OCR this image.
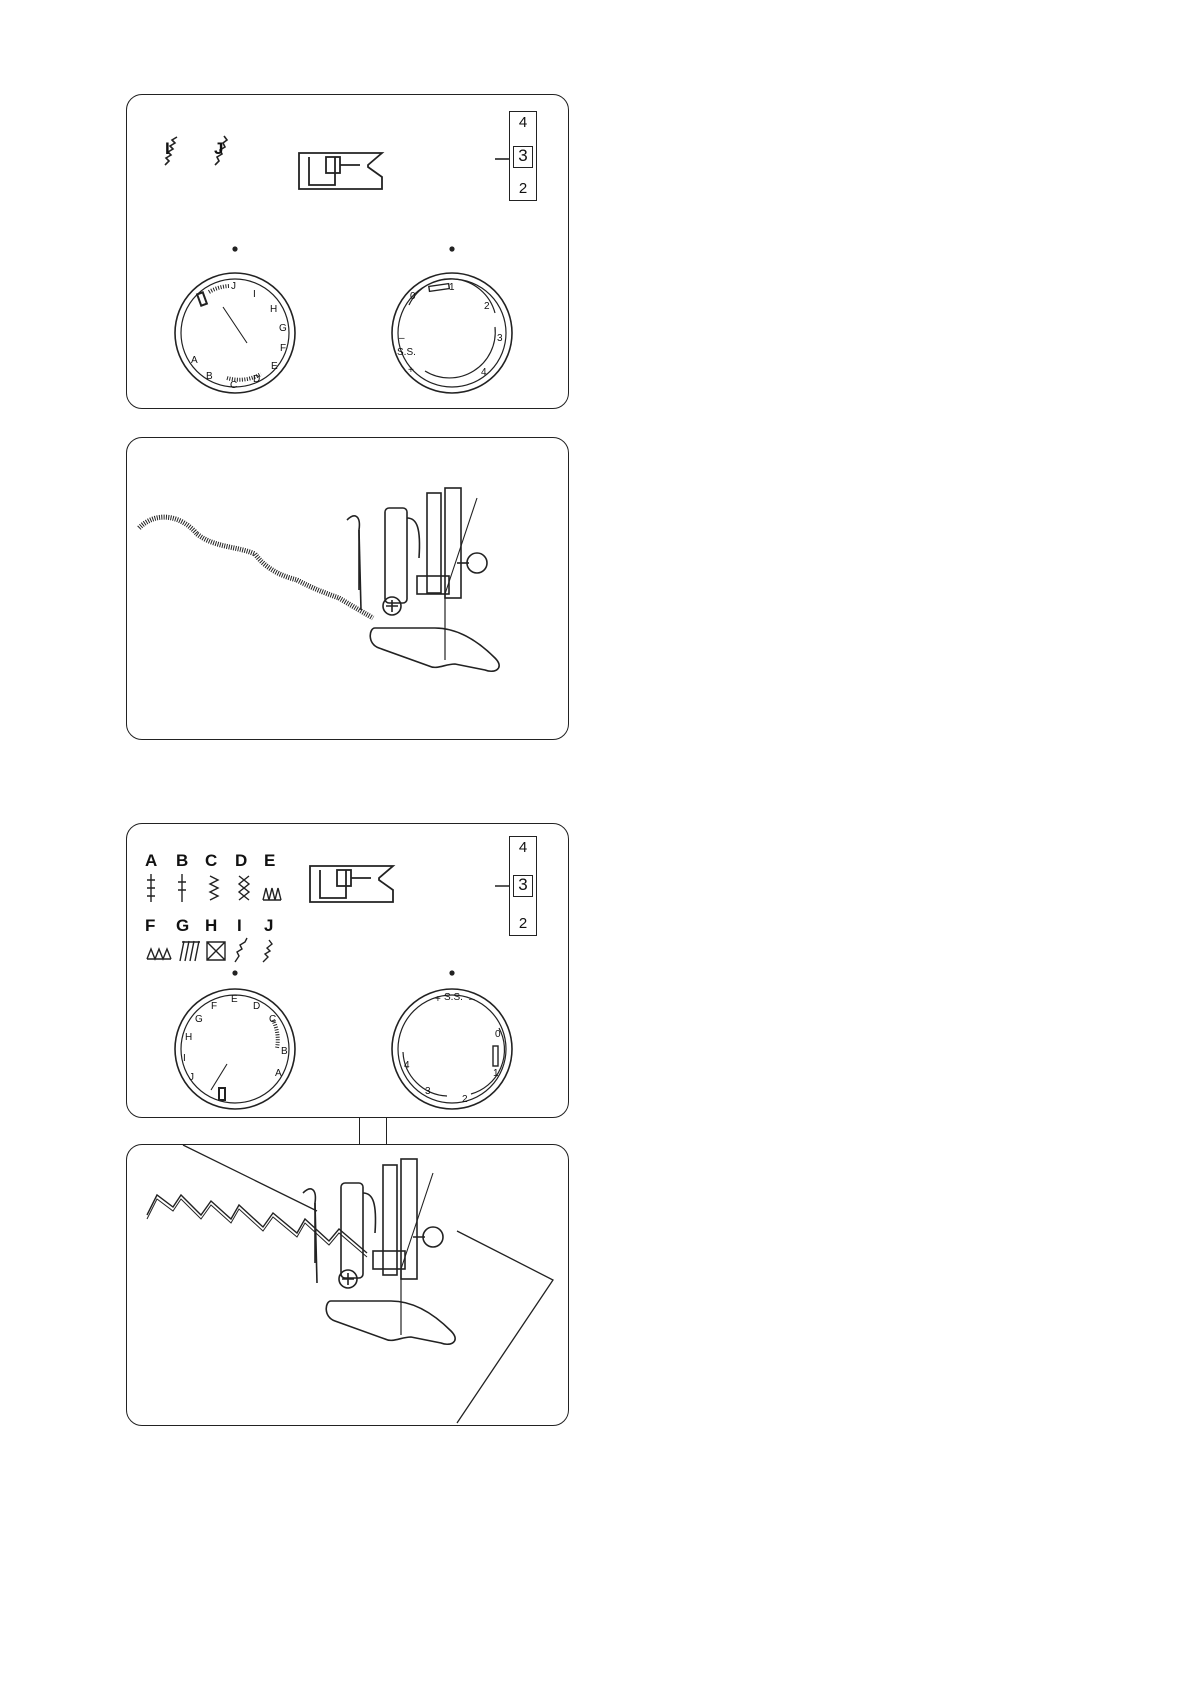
I	J
4
3
2
J
I
H
G
F
E
D
C
B
A
0
1
2
3
4
–
S.S.
+
A B C D E
F G H I J
4
3
2
E
D
C
B
A
J
I
H
G
F
0
1
2
3
4
+ S.S. –
